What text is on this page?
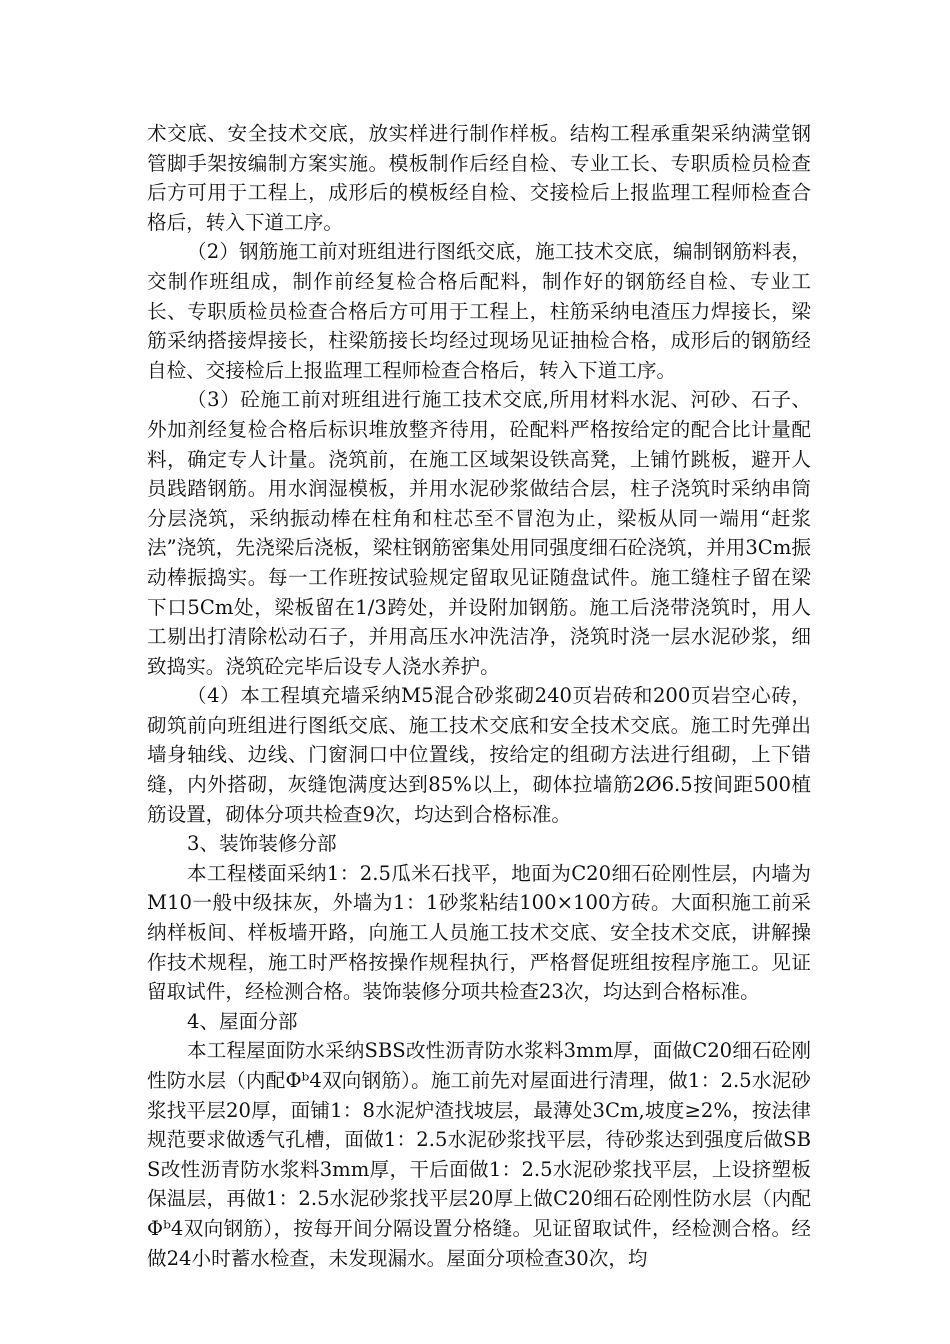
术交底、安全技术交底，放实样进行制作样板。结构工程承重架采纳满堂钢管脚手架按编制方案实施。模板制作后经自检、专业工长、专职质检员检查后方可用于工程上，成形后的模板经自检、交接检后上报监理工程师检查合格后，转入下道工序。

（2）钢筋施工前对班组进行图纸交底，施工技术交底，编制钢筋料表，交制作班组成，制作前经复检合格后配料，制作好的钢筋经自检、专业工长、专职质检员检查合格后方可用于工程上，柱筋采纳电渣压力焊接长，梁筋采纳搭接焊接长，柱梁筋接长均经过现场见证抽检合格，成形后的钢筋经自检、交接检后上报监理工程师检查合格后，转入下道工序。

（3）砼施工前对班组进行施工技术交底,所用材料水泥、河砂、石子、外加剂经复检合格后标识堆放整齐待用，砼配料严格按给定的配合比计量配料，确定专人计量。浇筑前，在施工区域架设铁高凳，上铺竹跳板，避开人员践踏钢筋。用水润湿模板，并用水泥砂浆做结合层，柱子浇筑时采纳串筒分层浇筑，采纳振动棒在柱角和柱芯至不冒泡为止，梁板从同一端用“赶浆法”浇筑，先浇梁后浇板，梁柱钢筋密集处用同强度细石砼浇筑，并用3Cm振动棒振捣实。每一工作班按试验规定留取见证随盘试件。施工缝柱子留在梁下口5Cm处，梁板留在1/3跨处，并设附加钢筋。施工后浇带浇筑时，用人工剔出打清除松动石子，并用高压水冲洗洁净，浇筑时浇一层水泥砂浆，细致捣实。浇筑砼完毕后设专人浇水养护。

（4）本工程填充墙采纳M5混合砂浆砌240页岩砖和200页岩空心砖，砌筑前向班组进行图纸交底、施工技术交底和安全技术交底。施工时先弹出墙身轴线、边线、门窗洞口中位置线，按给定的组砌方法进行组砌，上下错缝，内外搭砌，灰缝饱满度达到85%以上，砌体拉墙筋2Ø6.5按间距500植筋设置，砌体分项共检查9次，均达到合格标准。

3、装饰装修分部

本工程楼面采纳1：2.5瓜米石找平，地面为C20细石砼刚性层，内墙为M10一般中级抹灰，外墙为1：1砂浆粘结100×100方砖。大面积施工前采纳样板间、样板墙开路，向施工人员施工技术交底、安全技术交底，讲解操作技术规程，施工时严格按操作规程执行，严格督促班组按程序施工。见证留取试件，经检测合格。装饰装修分项共检查23次，均达到合格标准。

4、屋面分部

本工程屋面防水采纳SBS改性沥青防水浆料3mm厚，面做C20细石砼刚性防水层（内配Φᵇ4双向钢筋）。施工前先对屋面进行清理，做1：2.5水泥砂浆找平层20厚，面铺1：8水泥炉渣找坡层，最薄处3Cm,坡度≥2%，按法律规范要求做透气孔槽，面做1：2.5水泥砂浆找平层，待砂浆达到强度后做SBS改性沥青防水浆料3mm厚，干后面做1：2.5水泥砂浆找平层，上设挤塑板保温层，再做1：2.5水泥砂浆找平层20厚上做C20细石砼刚性防水层（内配Φᵇ4双向钢筋），按每开间分隔设置分格缝。见证留取试件，经检测合格。经做24小时蓄水检查，未发现漏水。屋面分项检查30次，均
